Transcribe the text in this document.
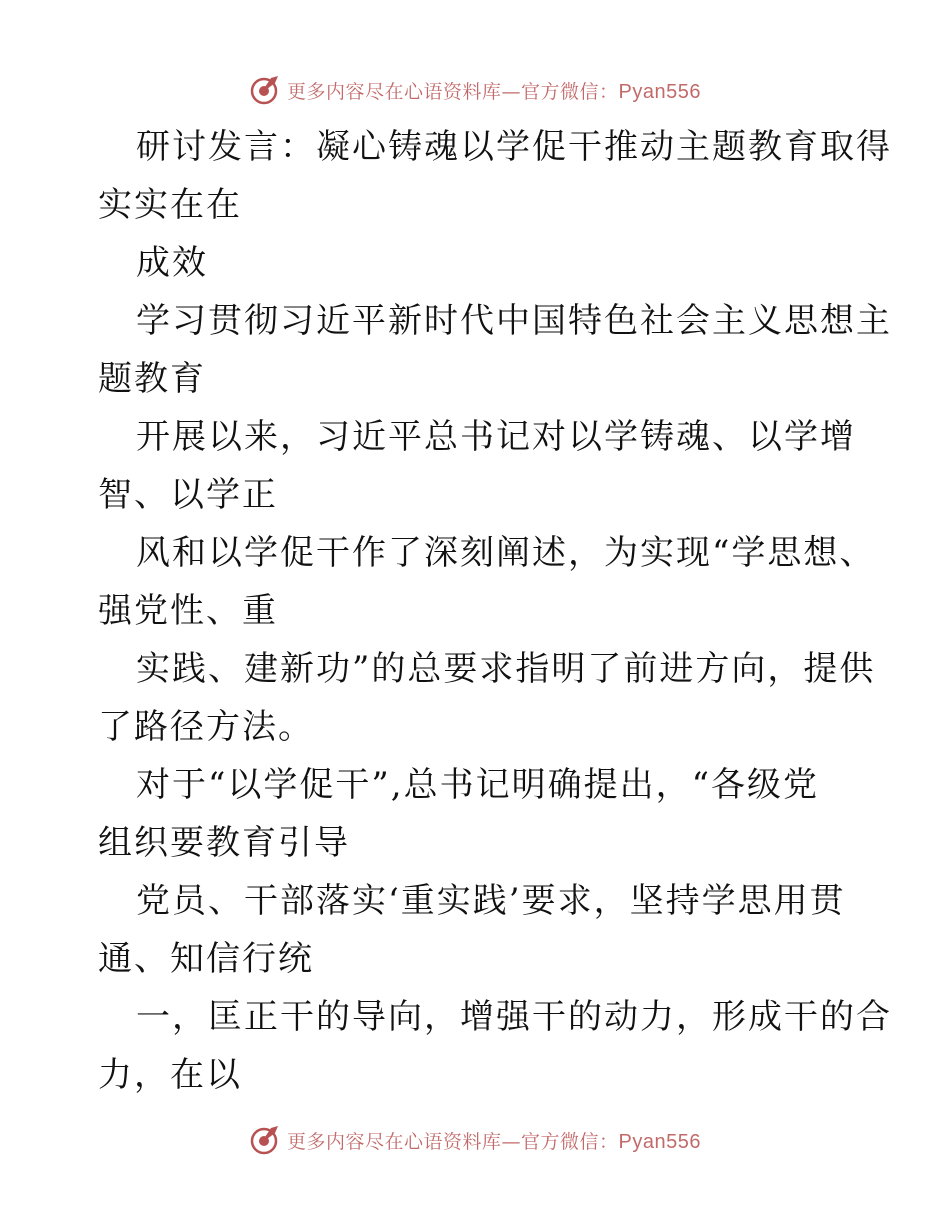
更多内容尽在心语资料库—官方微信：Pyan556

研讨发言：凝心铸魂以学促干推动主题教育取得
实实在在

成效

学习贯彻习近平新时代中国特色社会主义思想主
题教育

开展以来，习近平总书记对以学铸魂、以学增
智、以学正

风和以学促干作了深刻阐述，为实现“学思想、
强党性、重

实践、建新功”的总要求指明了前进方向，提供
了路径方法。

对于“以学促干”,总书记明确提出，“各级党
组织要教育引导

党员、干部落实‘重实践’要求，坚持学思用贯
通、知信行统

一，匡正干的导向，增强干的动力，形成干的合
力，在以

更多内容尽在心语资料库—官方微信：Pyan556
